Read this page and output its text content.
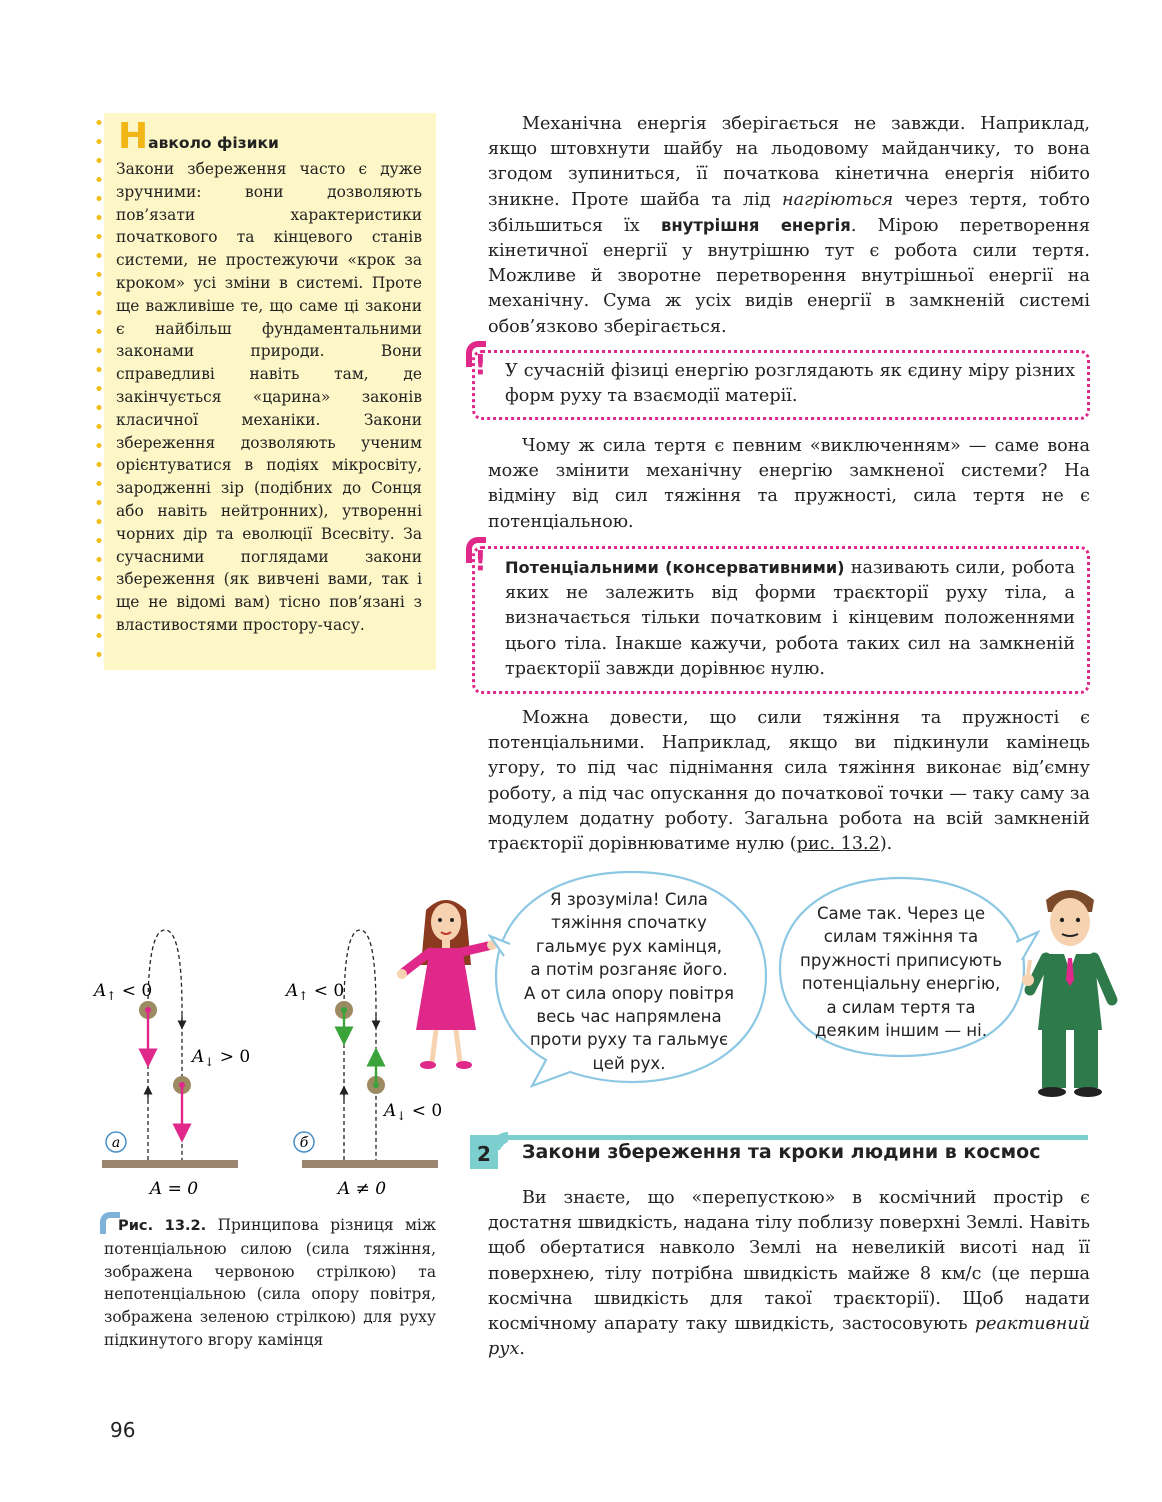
Н авколо фізики
Закони збереження часто є дуже зручними: вони дозволяють пов’язати характеристики початкового та кінцевого станів системи, не простежуючи «крок за кроком» усі зміни в системі. Проте ще важливіше те, що саме ці закони є найбільш фундаментальними законами природи. Вони справедливі навіть там, де закінчується «царина» законів класичної механіки. Закони збереження дозволяють ученим орієнтуватися в подіях мікросвіту, зародженні зір (подібних до Сонця або навіть нейтронних), утворенні чорних дір та еволюції Всесвіту. За сучасними поглядами закони збереження (як вивчені вами, так і ще не відомі вам) тісно пов’язані з властивостями простору-часу.
Механічна енергія зберігається не завжди. Наприклад, якщо штовхнути шайбу на льодовому майданчику, то вона згодом зупиниться, її початкова кінетична енергія нібито зникне. Проте шайба та лід нагріються через тертя, тобто збільшиться їх внутрішня енергія. Мірою перетворення кінетичної енергії у внутрішню тут є робота сили тертя. Можливе й зворотне перетворення внутрішньої енергії на механічну. Сума ж усіх видів енергії в замкненій системі обов’язково зберігається.
! У сучасній фізиці енергію розглядають як єдину міру різних форм руху та взаємодії матерії.
Чому ж сила тертя є певним «виключенням» — саме вона може змінити механічну енергію замкненої системи? На відміну від сил тяжіння та пружності, сила тертя не є потенціальною.
! Потенціальними (консервативними) називають сили, робота яких не залежить від форми траєкторії руху тіла, а визначається тільки початковим і кінцевим положеннями цього тіла. Інакше кажучи, робота таких сил на замкненій траєкторії завжди дорівнює нулю.
Можна довести, що сили тяжіння та пружності є потенціальними. Наприклад, якщо ви підкинули камінець угору, то під час піднімання сила тяжіння виконає від’ємну роботу, а під час опускання до початкової точки — таку саму за модулем додатну роботу. Загальна робота на всій замкненій траєкторії дорівнюватиме нулю (рис. 13.2).
$A_↑ < 0$
$A_↓ > 0$
а
A = 0
$A_↑ < 0$
$A_↓ < 0$
б
A ≠ 0
Я зрозуміла! Сила
тяжіння спочатку
гальмує рух камінця,
а потім розганяє його.
А от сила опору повітря
весь час напрямлена
проти руху та гальмує
цей рух.
Саме так. Через це
силам тяжіння та
пружності приписують
потенціальну енергію,
а силам тертя та
деяким іншим — ні.
2	Закони збереження та кроки людини в космос
Рис. 13.2. Принципова різниця між потенціальною силою (сила тяжіння, зображена червоною стрілкою) та непотенціальною (сила опору повітря, зображена зеленою стрілкою) для руху підкинутого вгору камінця
Ви знаєте, що «перепусткою» в космічний простір є достатня швидкість, надана тілу поблизу поверхні Землі. Навіть щоб обертатися навколо Землі на невеликій висоті над її поверхнею, тілу потрібна швидкість майже 8 км/с (це перша космічна швидкість для такої траєкторії). Щоб надати космічному апарату таку швидкість, застосовують реактивний рух.
96
